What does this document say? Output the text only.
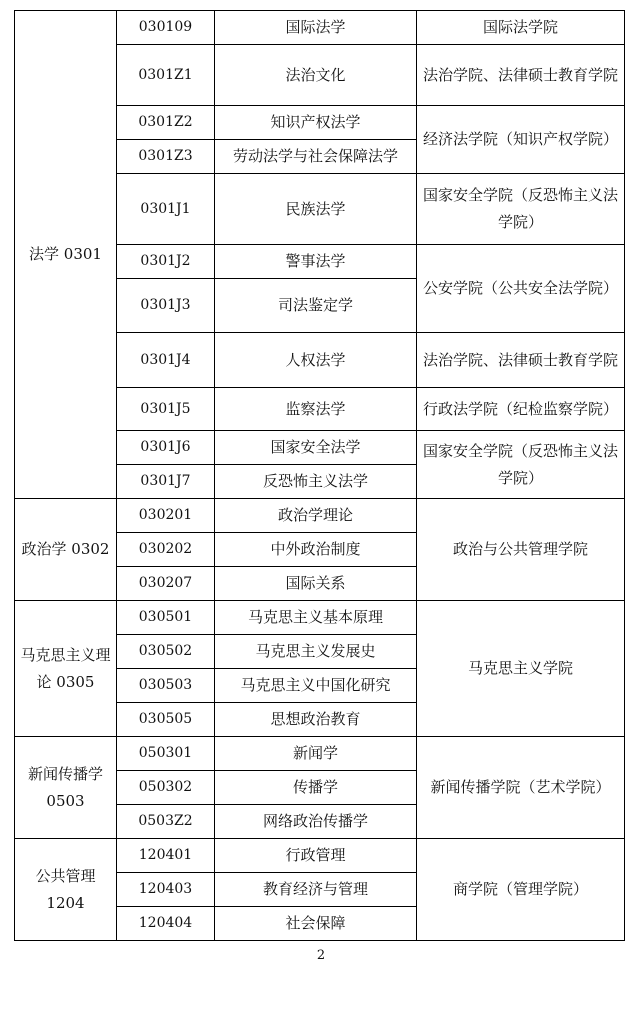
法学 0301	030109	国际法学	国际法学院
	0301Z1	法治文化	法治学院、法律硕士教育学院
	0301Z2	知识产权法学	经济法学院（知识产权学院）
	0301Z3	劳动法学与社会保障法学	
	0301J1	民族法学	国家安全学院（反恐怖主义法学院）
	0301J2	警事法学	公安学院（公共安全法学院）
	0301J3	司法鉴定学	
	0301J4	人权法学	法治学院、法律硕士教育学院
	0301J5	监察法学	行政法学院（纪检监察学院）
	0301J6	国家安全法学	国家安全学院（反恐怖主义法学院）
	0301J7	反恐怖主义法学	
政治学 0302	030201	政治学理论	政治与公共管理学院
	030202	中外政治制度	
	030207	国际关系	
马克思主义理论 0305	030501	马克思主义基本原理	马克思主义学院
	030502	马克思主义发展史	
	030503	马克思主义中国化研究	
	030505	思想政治教育	
新闻传播学 0503	050301	新闻学	新闻传播学院（艺术学院）
	050302	传播学	
	0503Z2	网络政治传播学	
公共管理 1204	120401	行政管理	商学院（管理学院）
	120403	教育经济与管理	
	120404	社会保障	
2
